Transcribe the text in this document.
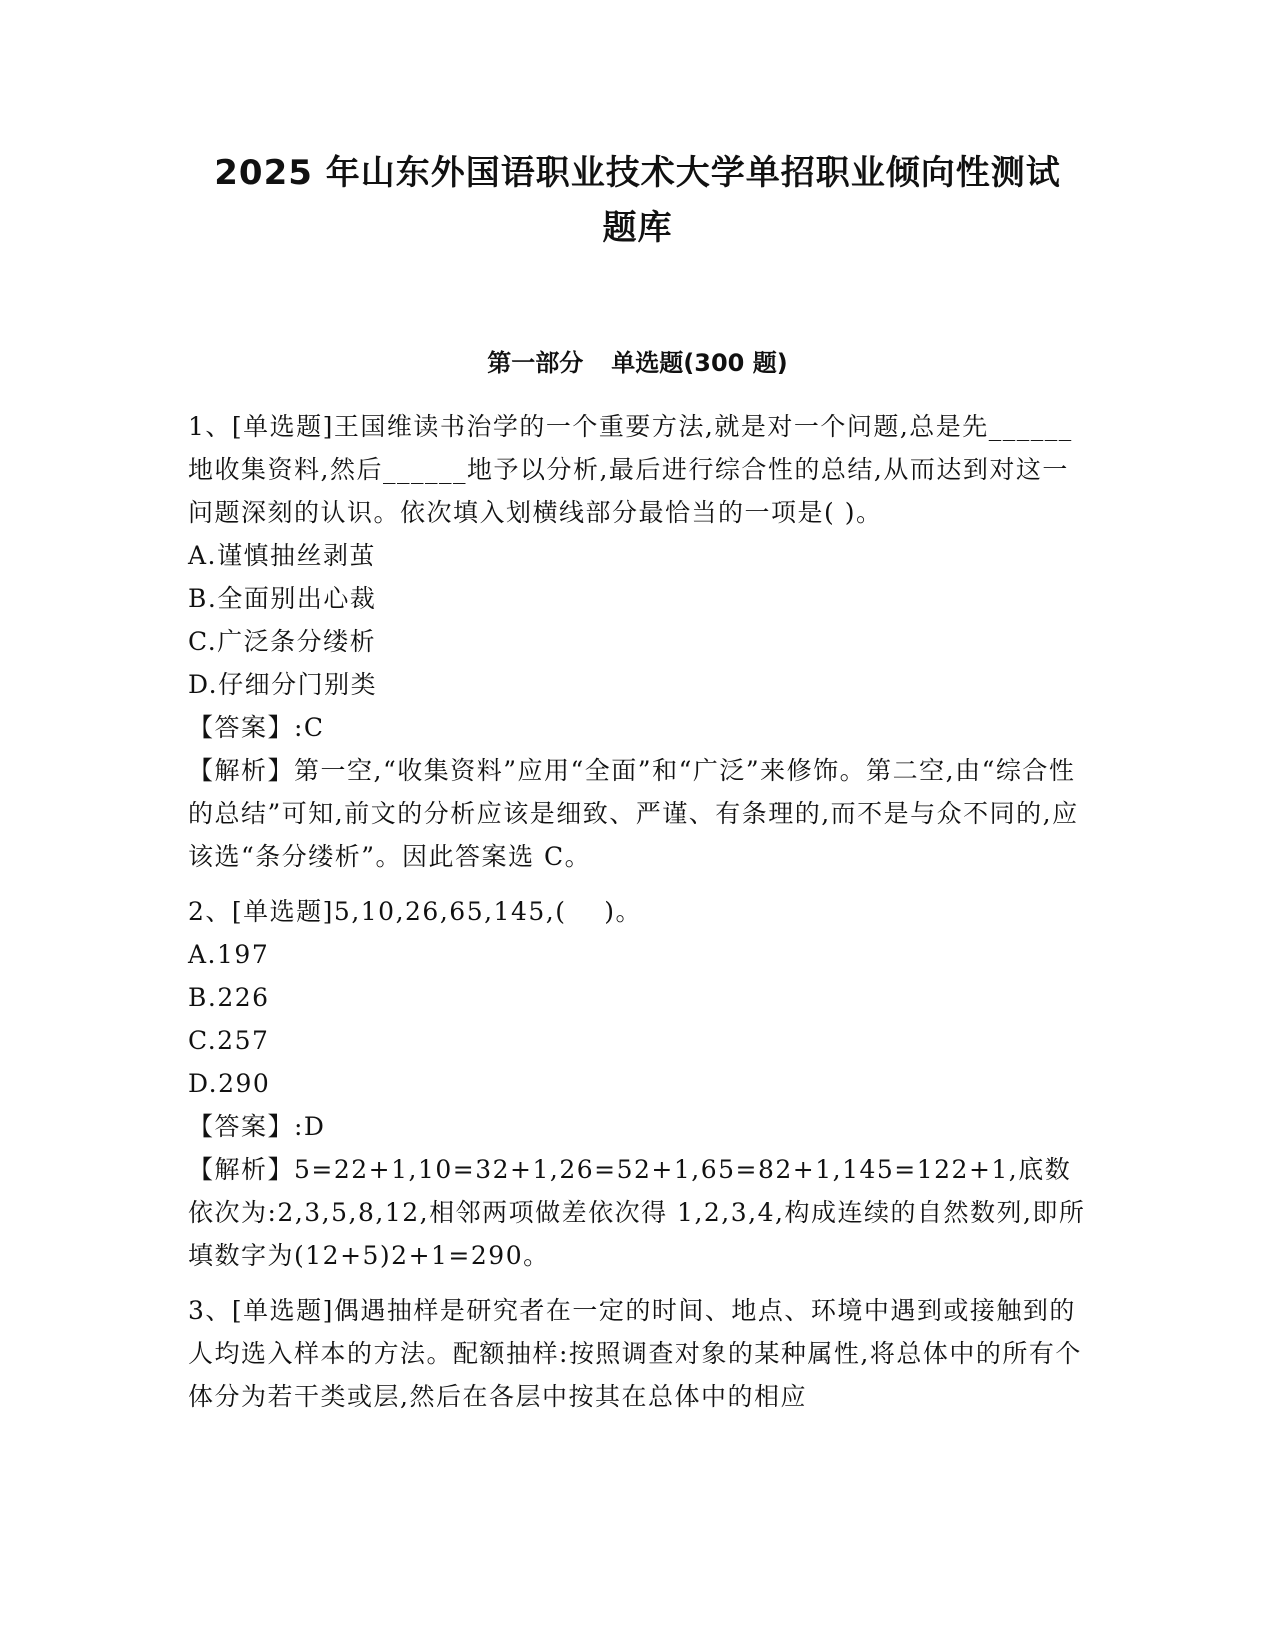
2025 年山东外国语职业技术大学单招职业倾向性测试
题库
第一部分 单选题(300 题)
1、[单选题]王国维读书治学的一个重要方法,就是对一个问题,总是先______地收集资料,然后______地予以分析,最后进行综合性的总结,从而达到对这一问题深刻的认识。依次填入划横线部分最恰当的一项是( )。
A.谨慎抽丝剥茧
B.全面别出心裁
C.广泛条分缕析
D.仔细分门别类
【答案】:C
【解析】第一空,“收集资料”应用“全面”和“广泛”来修饰。第二空,由“综合性的总结”可知,前文的分析应该是细致、严谨、有条理的,而不是与众不同的,应该选“条分缕析”。因此答案选 C。
2、[单选题]5,10,26,65,145,(    )。
A.197
B.226
C.257
D.290
【答案】:D
【解析】5=22+1,10=32+1,26=52+1,65=82+1,145=122+1,底数依次为:2,3,5,8,12,相邻两项做差依次得 1,2,3,4,构成连续的自然数列,即所填数字为(12+5)2+1=290。
3、[单选题]偶遇抽样是研究者在一定的时间、地点、环境中遇到或接触到的人均选入样本的方法。配额抽样:按照调查对象的某种属性,将总体中的所有个体分为若干类或层,然后在各层中按其在总体中的相应
